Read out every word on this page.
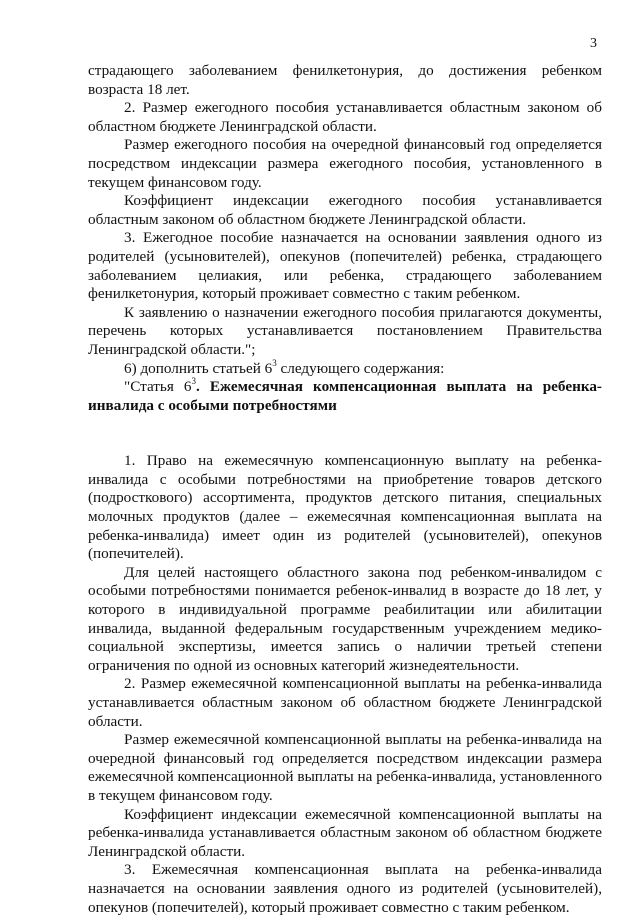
3

страдающего заболеванием фенилкетонурия, до достижения ребенком возраста 18 лет.

2. Размер ежегодного пособия устанавливается областным законом об областном бюджете Ленинградской области.

Размер ежегодного пособия на очередной финансовый год определяется посредством индексации размера ежегодного пособия, установленного в текущем финансовом году.

Коэффициент индексации ежегодного пособия устанавливается областным законом об областном бюджете Ленинградской области.

3. Ежегодное пособие назначается на основании заявления одного из родителей (усыновителей), опекунов (попечителей) ребенка, страдающего заболеванием целиакия, или ребенка, страдающего заболеванием фенилкетонурия, который проживает совместно с таким ребенком.

К заявлению о назначении ежегодного пособия прилагаются документы, перечень которых устанавливается постановлением Правительства Ленинградской области.";

6) дополнить статьей $6^3$ следующего содержания:

"Статья $6^3$. Ежемесячная компенсационная выплата на ребенка-инвалида с особыми потребностями

1. Право на ежемесячную компенсационную выплату на ребенка-инвалида с особыми потребностями на приобретение товаров детского (подросткового) ассортимента, продуктов детского питания, специальных молочных продуктов (далее – ежемесячная компенсационная выплата на ребенка-инвалида) имеет один из родителей (усыновителей), опекунов (попечителей).

Для целей настоящего областного закона под ребенком-инвалидом с особыми потребностями понимается ребенок-инвалид в возрасте до 18 лет, у которого в индивидуальной программе реабилитации или абилитации инвалида, выданной федеральным государственным учреждением медико-социальной экспертизы, имеется запись о наличии третьей степени ограничения по одной из основных категорий жизнедеятельности.

2. Размер ежемесячной компенсационной выплаты на ребенка-инвалида устанавливается областным законом об областном бюджете Ленинградской области.

Размер ежемесячной компенсационной выплаты на ребенка-инвалида на очередной финансовый год определяется посредством индексации размера ежемесячной компенсационной выплаты на ребенка-инвалида, установленного в текущем финансовом году.

Коэффициент индексации ежемесячной компенсационной выплаты на ребенка-инвалида устанавливается областным законом об областном бюджете Ленинградской области.

3. Ежемесячная компенсационная выплата на ребенка-инвалида назначается на основании заявления одного из родителей (усыновителей), опекунов (попечителей), который проживает совместно с таким ребенком.
